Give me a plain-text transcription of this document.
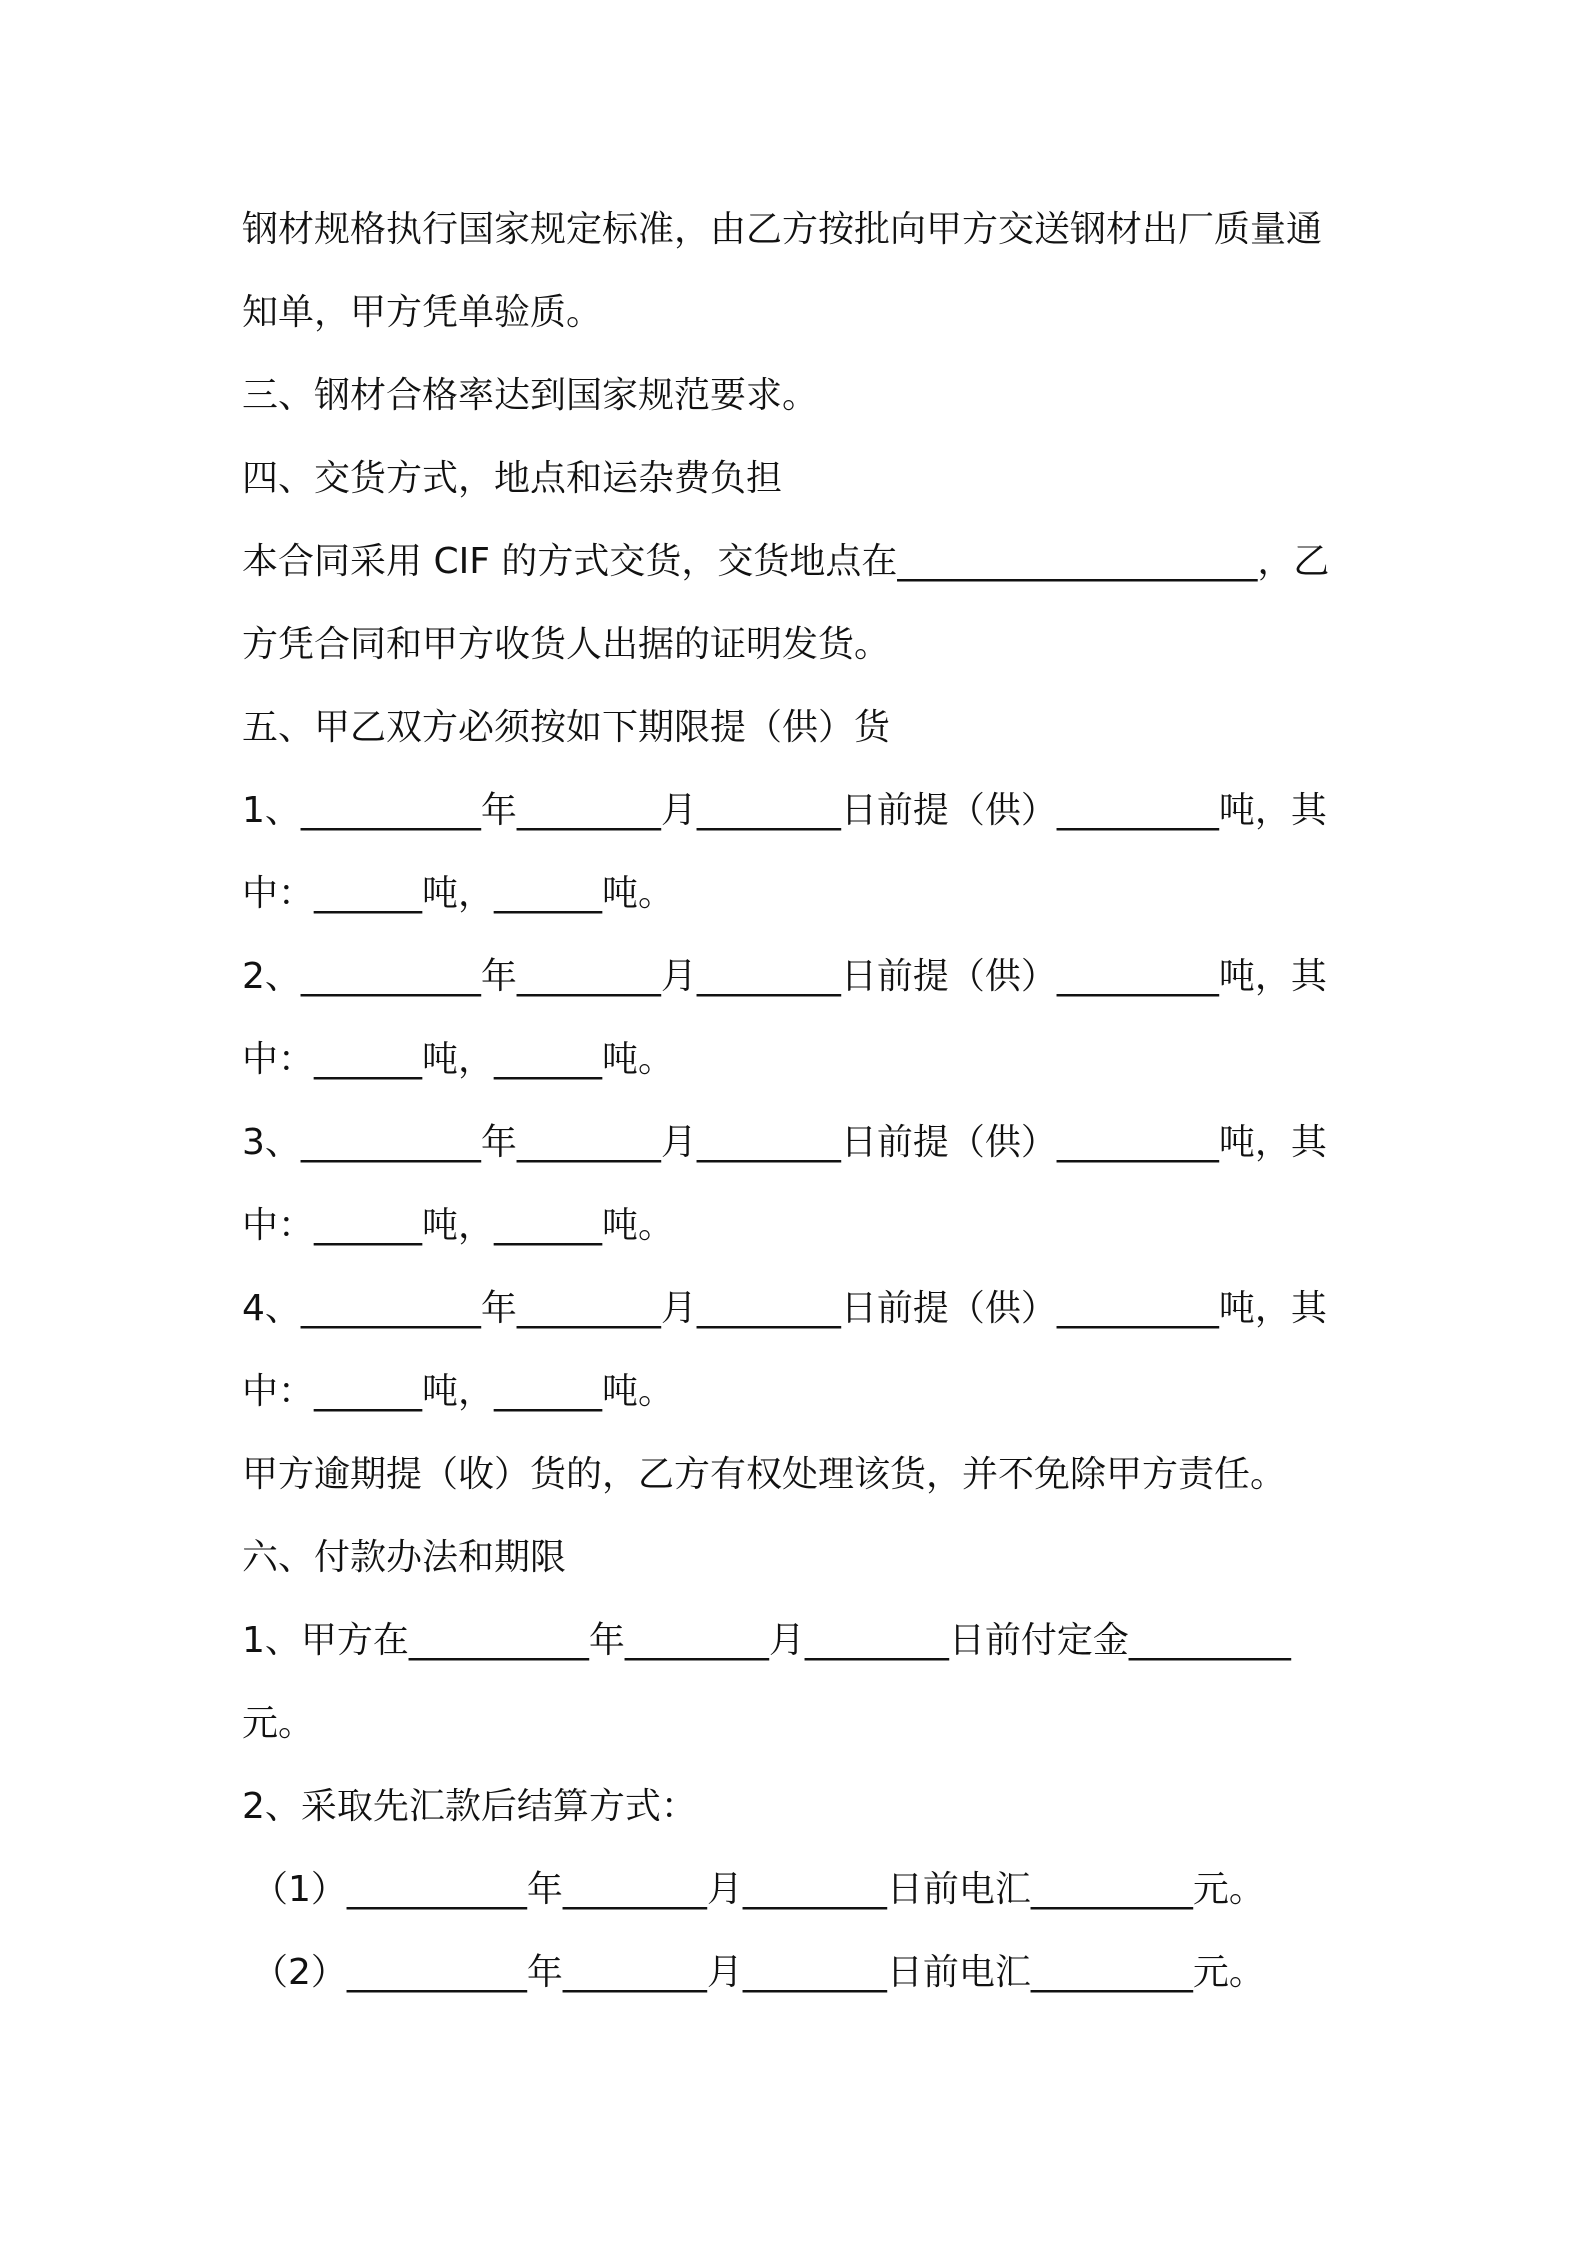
钢材规格执行国家规定标准，由乙方按批向甲方交送钢材出厂质量通
知单，甲方凭单验质。
三、钢材合格率达到国家规范要求。
四、交货方式，地点和运杂费负担
本合同采用 CIF 的方式交货，交货地点在____________________，乙
方凭合同和甲方收货人出据的证明发货。
五、甲乙双方必须按如下期限提（供）货
1、__________年________月________日前提（供）_________吨，其
中：______吨，______吨。
2、__________年________月________日前提（供）_________吨，其
中：______吨，______吨。
3、__________年________月________日前提（供）_________吨，其
中：______吨，______吨。
4、__________年________月________日前提（供）_________吨，其
中：______吨，______吨。
甲方逾期提（收）货的，乙方有权处理该货，并不免除甲方责任。
六、付款办法和期限
1、甲方在__________年________月________日前付定金_________
元。
2、采取先汇款后结算方式：
（1）__________年________月________日前电汇_________元。
（2）__________年________月________日前电汇_________元。
